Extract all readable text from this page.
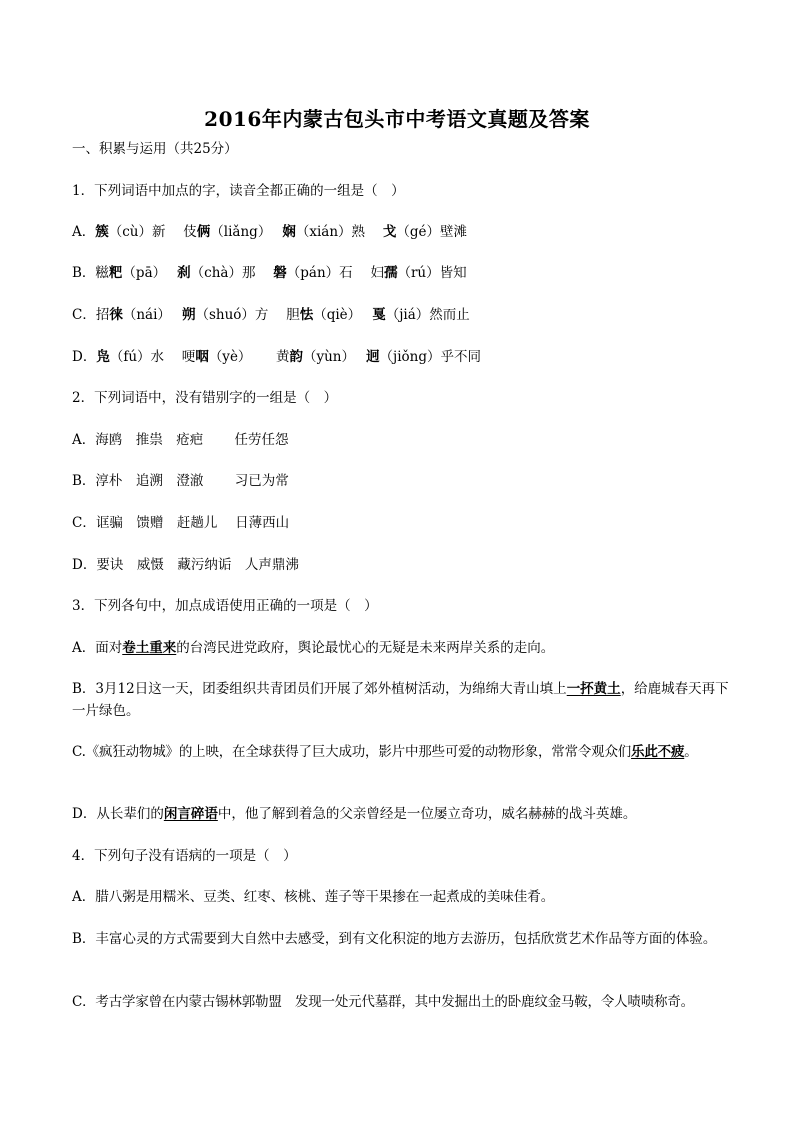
2016年内蒙古包头市中考语文真题及答案
一、积累与运用（共25分）
1．下列词语中加点的字，读音全都正确的一组是（　）
A．簇（cù）新　 伎俩（liǎng）　 娴（xián）熟　 戈（gé）壁滩
B．糍粑（pā）　 刹（chà）那　 磐（pán）石　 妇孺（rú）皆知
C．招徕（nái）　 朔（shuó）方　 胆怯（qiè）　 戛（jiá）然而止
D．凫（fú）水　 哽咽（yè）　　 黄韵（yùn）　 迥（jiǒng）乎不同
2．下列词语中，没有错别字的一组是（　）
A．海鸥　推祟　疮疤　　 任劳任怨
B．淳朴　追溯　澄澈　　 习已为常
C．诓骗　馈赠　赶趟儿　 日薄西山
D．要诀　威慑　藏污纳诟　人声鼎沸
3．下列各句中，加点成语使用正确的一项是（　）
A．面对卷土重来的台湾民进党政府，舆论最忧心的无疑是未来两岸关系的走向。
B．3月12日这一天，团委组织共青团员们开展了郊外植树活动，为绵绵大青山填上一抔黄土，给鹿城春天再下一片绿色。
C.《疯狂动物城》的上映，在全球获得了巨大成功，影片中那些可爱的动物形象，常常令观众们乐此不疲。
D．从长辈们的闲言碎语中，他了解到着急的父亲曾经是一位屡立奇功，威名赫赫的战斗英雄。
4．下列句子没有语病的一项是（　）
A．腊八粥是用糯米、豆类、红枣、核桃、莲子等干果掺在一起煮成的美味佳肴。
B．丰富心灵的方式需要到大自然中去感受，到有文化积淀的地方去游历，包括欣赏艺术作品等方面的体验。
C．考古学家曾在内蒙古锡林郭勒盟　发现一处元代墓群，其中发掘出土的卧鹿纹金马鞍，令人啧啧称奇。
